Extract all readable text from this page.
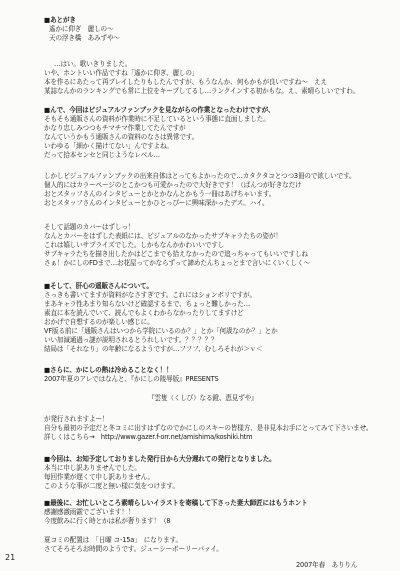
■あとがき
遙かに仰ぎ　麗しの〜
天の浮き橋　あみずや〜
…はい。歌いきりました。
いや、ホントいい作品ですね「遙かに仰ぎ、麗しの」
本を作るにあたって再プレイしたりもしたんですが、もうなんか、何もかもが良いですね〜　ええ
某誌なんかのランキングでも常に上位をキープしてるし…ランクインする初かもな。え、素晴らしいですわ。
■んで、今回はビジュアルファンブックを見ながらの作業となったわけですが、
そもそも通販さんの資料が作業時に不足しているという事態に直面しました。
かなり忠しみつつもチマチマ作業してたんですが
なんていうかもう通販さんの資料のなさは異常です。
いわゆる「細かく描けてない」んですよね。
だって拾本センセと同じようなレベル…
しかしビジュアルファンブックの出来自体はとってもよかったので…カタクタコとつつ3冊ので欲しいです。
個人的にはカラーページのとこかつも可愛かったので大好きです！（ぱんつが好きなだけ
おとスタッフさんのインタビューとかとかなんとかもう一冊はあげちゃいます。
おとスタッフさんのインタビューとかひとっぴーに興味深かったデス。ハイ。
そして話題のカバーはずしっ！
なんとカバーをはずした表紙には、ビジュアルのなかったサブキャラたちの姿が！
これは嬉しいサプライズでした。しかもなんかかわいいですし
サブキャラたちを描き出したかはどこまでも拾えなかったので追っちゃってもいいですしね
さぁ！かにしのFDまで…お花屋ってかならずって諦めたんちょっとまで言いにくいくしく〜
■そして、肝心の遥販さんについて。
さっきも書いてますが資料がなさすぎです。これにはションボリですが。
まあキャラ性あまり知らないけど確認するまで、ちょっと難しかった…
素直に本を読んでいて、読んでもよくわからなかったりしてますけど
おかげで自想するのが楽しい感じに。
VF版る前に「通販さんはいつから学院にいるのか？」とか「何歳なのか？」とか
いい加減通過っ謎が説明されるとうれしいです。？？？？？
結局は「それなり」の年齢になるようですが…フフフ、むしろそれが＞ｖ＜
■さらに、かにしの熱は冷めることなく！！
2007年夏のアレではなんと、『かにしの陵辱版』PRESENTS
『雲隻（くしび）なる鐙、恵見ずや』
が発行されますよー！
自分も最初の予定だと冬コミに出すはずなのでかにしのスキーの皆様方、是非見本お手にとってみて下さいませ。
詳しくはこちら→　http://www.gazer.f-orr.net/amishima/koshiki.htm
■今回は、お知予定しておりました発行日から大分遅れての発行となりました。
本当に申し訳ありませんでした。
毎回作業が遅くて申し訳ありません。
このような事が二度と無い様に気をつけます。
■最後に、お忙しいところ素晴らしいイラストを寄稿して下さった妻大師匠にはもうホント
感謝感激雨霰でございます！！
今度飲みに行く時とかは私が奢ります！（8
夏コミの配置は　「日曜 コ-15a」　になります。
さてそろそろお時間のようです。ジューシーポーリーバァイ。
2007年春　ありりん
21
